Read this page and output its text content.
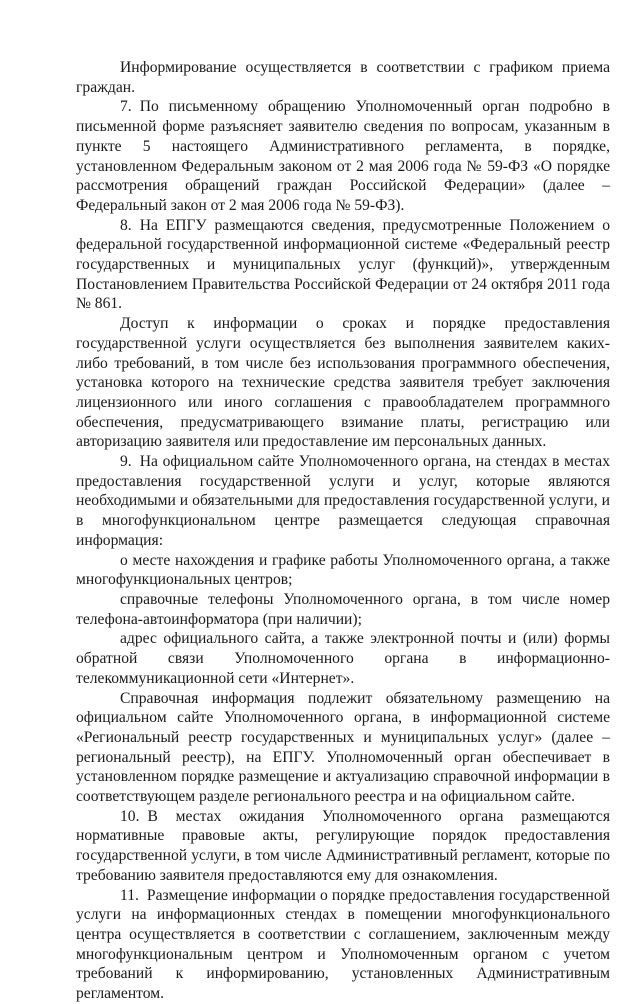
Информирование осуществляется в соответствии с графиком приема граждан.

7. По письменному обращению Уполномоченный орган подробно в письменной форме разъясняет заявителю сведения по вопросам, указанным в пункте 5 настоящего Административного регламента, в порядке, установленном Федеральным законом от 2 мая 2006 года № 59-ФЗ «О порядке рассмотрения обращений граждан Российской Федерации» (далее – Федеральный закон от 2 мая 2006 года № 59-ФЗ).

8. На ЕПГУ размещаются сведения, предусмотренные Положением о федеральной государственной информационной системе «Федеральный реестр государственных и муниципальных услуг (функций)», утвержденным Постановлением Правительства Российской Федерации от 24 октября 2011 года № 861.

Доступ к информации о сроках и порядке предоставления государственной услуги осуществляется без выполнения заявителем каких-либо требований, в том числе без использования программного обеспечения, установка которого на технические средства заявителя требует заключения лицензионного или иного соглашения с правообладателем программного обеспечения, предусматривающего взимание платы, регистрацию или авторизацию заявителя или предоставление им персональных данных.

9. На официальном сайте Уполномоченного органа, на стендах в местах предоставления государственной услуги и услуг, которые являются необходимыми и обязательными для предоставления государственной услуги, и в многофункциональном центре размещается следующая справочная информация:

о месте нахождения и графике работы Уполномоченного органа, а также многофункциональных центров;

справочные телефоны Уполномоченного органа, в том числе номер телефона-автоинформатора (при наличии);

адрес официального сайта, а также электронной почты и (или) формы обратной связи Уполномоченного органа в информационно-телекоммуникационной сети «Интернет».

Справочная информация подлежит обязательному размещению на официальном сайте Уполномоченного органа, в информационной системе «Региональный реестр государственных и муниципальных услуг» (далее – региональный реестр), на ЕПГУ. Уполномоченный орган обеспечивает в установленном порядке размещение и актуализацию справочной информации в соответствующем разделе регионального реестра и на официальном сайте.

10. В местах ожидания Уполномоченного органа размещаются нормативные правовые акты, регулирующие порядок предоставления государственной услуги, в том числе Административный регламент, которые по требованию заявителя предоставляются ему для ознакомления.

11. Размещение информации о порядке предоставления государственной услуги на информационных стендах в помещении многофункционального центра осуществляется в соответствии с соглашением, заключенным между многофункциональным центром и Уполномоченным органом с учетом требований к информированию, установленных Административным регламентом.
